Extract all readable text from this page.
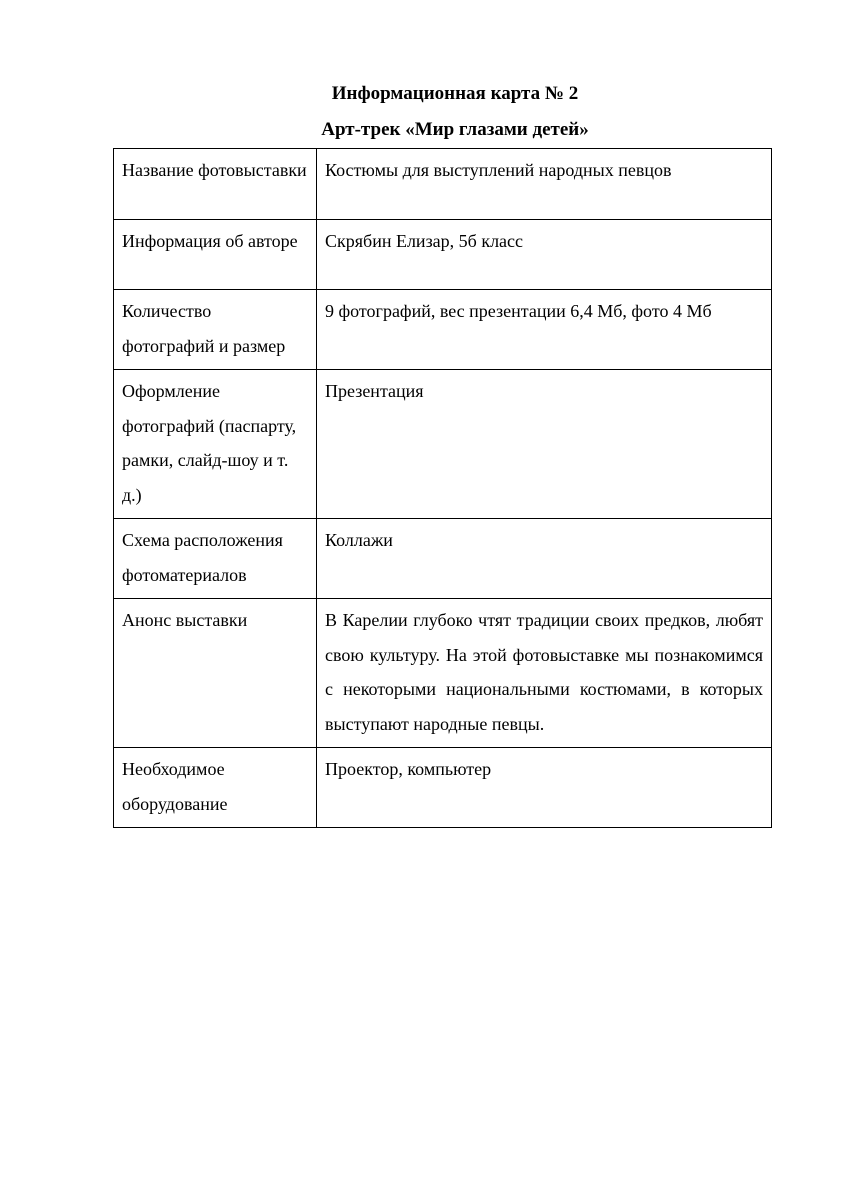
Информационная карта № 2

Арт-трек «Мир глазами детей»

Название фотовыставки	Костюмы для выступлений народных певцов
Информация об авторе	Скрябин Елизар, 5б класс
Количество фотографий и размер	9 фотографий, вес презентации 6,4 Мб, фото 4 Мб
Оформление фотографий (паспарту, рамки, слайд-шоу и т. д.)	Презентация
Схема расположения фотоматериалов	Коллажи
Анонс выставки	В Карелии глубоко чтят традиции своих предков, любят свою культуру. На этой фотовыставке мы познакомимся с некоторыми национальными костюмами, в которых выступают народные певцы.
Необходимое оборудование	Проектор, компьютер
